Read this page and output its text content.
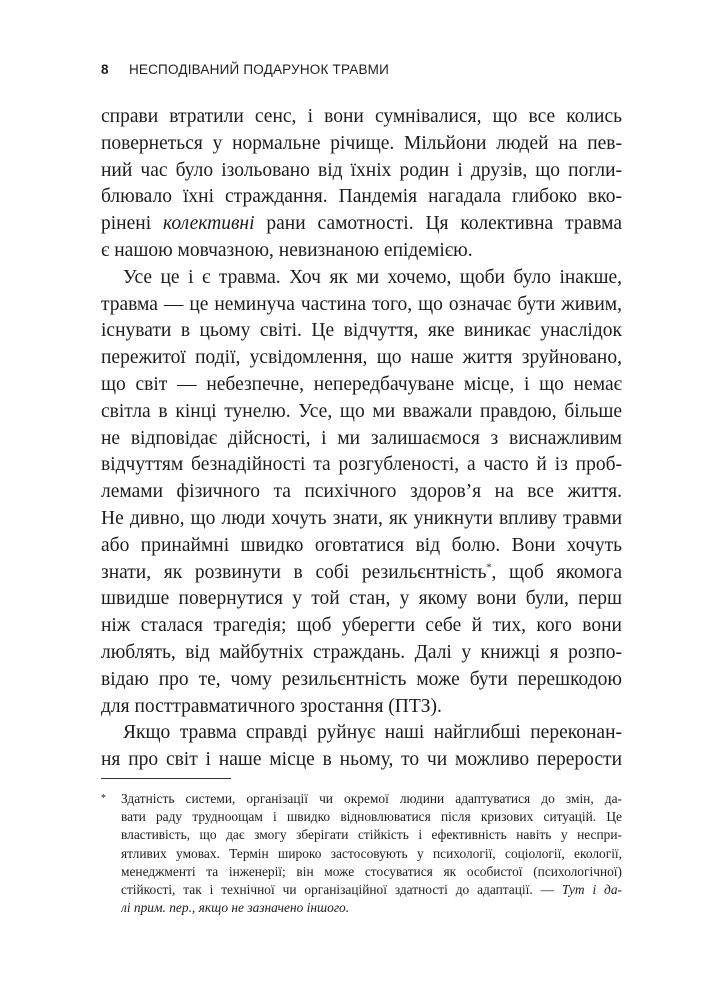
8 НЕСПОДІВАНИЙ ПОДАРУНОК ТРАВМИ
справи втратили сенс, і вони сумнівалися, що все колись
повернеться у нормальне річище. Мільйони людей на пев-
ний час було ізольовано від їхніх родин і друзів, що погли-
блювало їхні страждання. Пандемія нагадала глибоко вко-
рінені колективні рани самотності. Ця колективна травма
є нашою мовчазною, невизнаною епідемією.
Усе це і є травма. Хоч як ми хочемо, щоби було інакше,
травма — це неминуча частина того, що означає бути живим,
існувати в цьому світі. Це відчуття, яке виникає унаслідок
пережитої події, усвідомлення, що наше життя зруйновано,
що світ — небезпечне, непередбачуване місце, і що немає
світла в кінці тунелю. Усе, що ми вважали правдою, більше
не відповідає дійсності, і ми залишаємося з виснажливим
відчуттям безнадійності та розгубленості, а часто й із проб-
лемами фізичного та психічного здоров’я на все життя.
Не дивно, що люди хочуть знати, як уникнути впливу травми
або принаймні швидко оговтатися від болю. Вони хочуть
знати, як розвинути в собі резильєнтність*, щоб якомога
швидше повернутися у той стан, у якому вони були, перш
ніж сталася трагедія; щоб уберегти себе й тих, кого вони
люблять, від майбутніх страждань. Далі у книжці я розпо-
відаю про те, чому резильєнтність може бути перешкодою
для посттравматичного зростання (ПТЗ).
Якщо травма справді руйнує наші найглибші переконан-
ня про світ і наше місце в ньому, то чи можливо перерости
* Здатність системи, організації чи окремої людини адаптуватися до змін, да-
вати раду трудноощам і швидко відновлюватися після кризових ситуацій. Це
властивість, що дає змогу зберігати стійкість і ефективність навіть у неспри-
ятливих умовах. Термін широко застосовують у психології, соціології, екології,
менеджменті та інженерії; він може стосуватися як особистої (психологічної)
стійкості, так і технічної чи організаційної здатності до адаптації. — Тут і да-
лі прим. пер., якщо не зазначено іншого.
